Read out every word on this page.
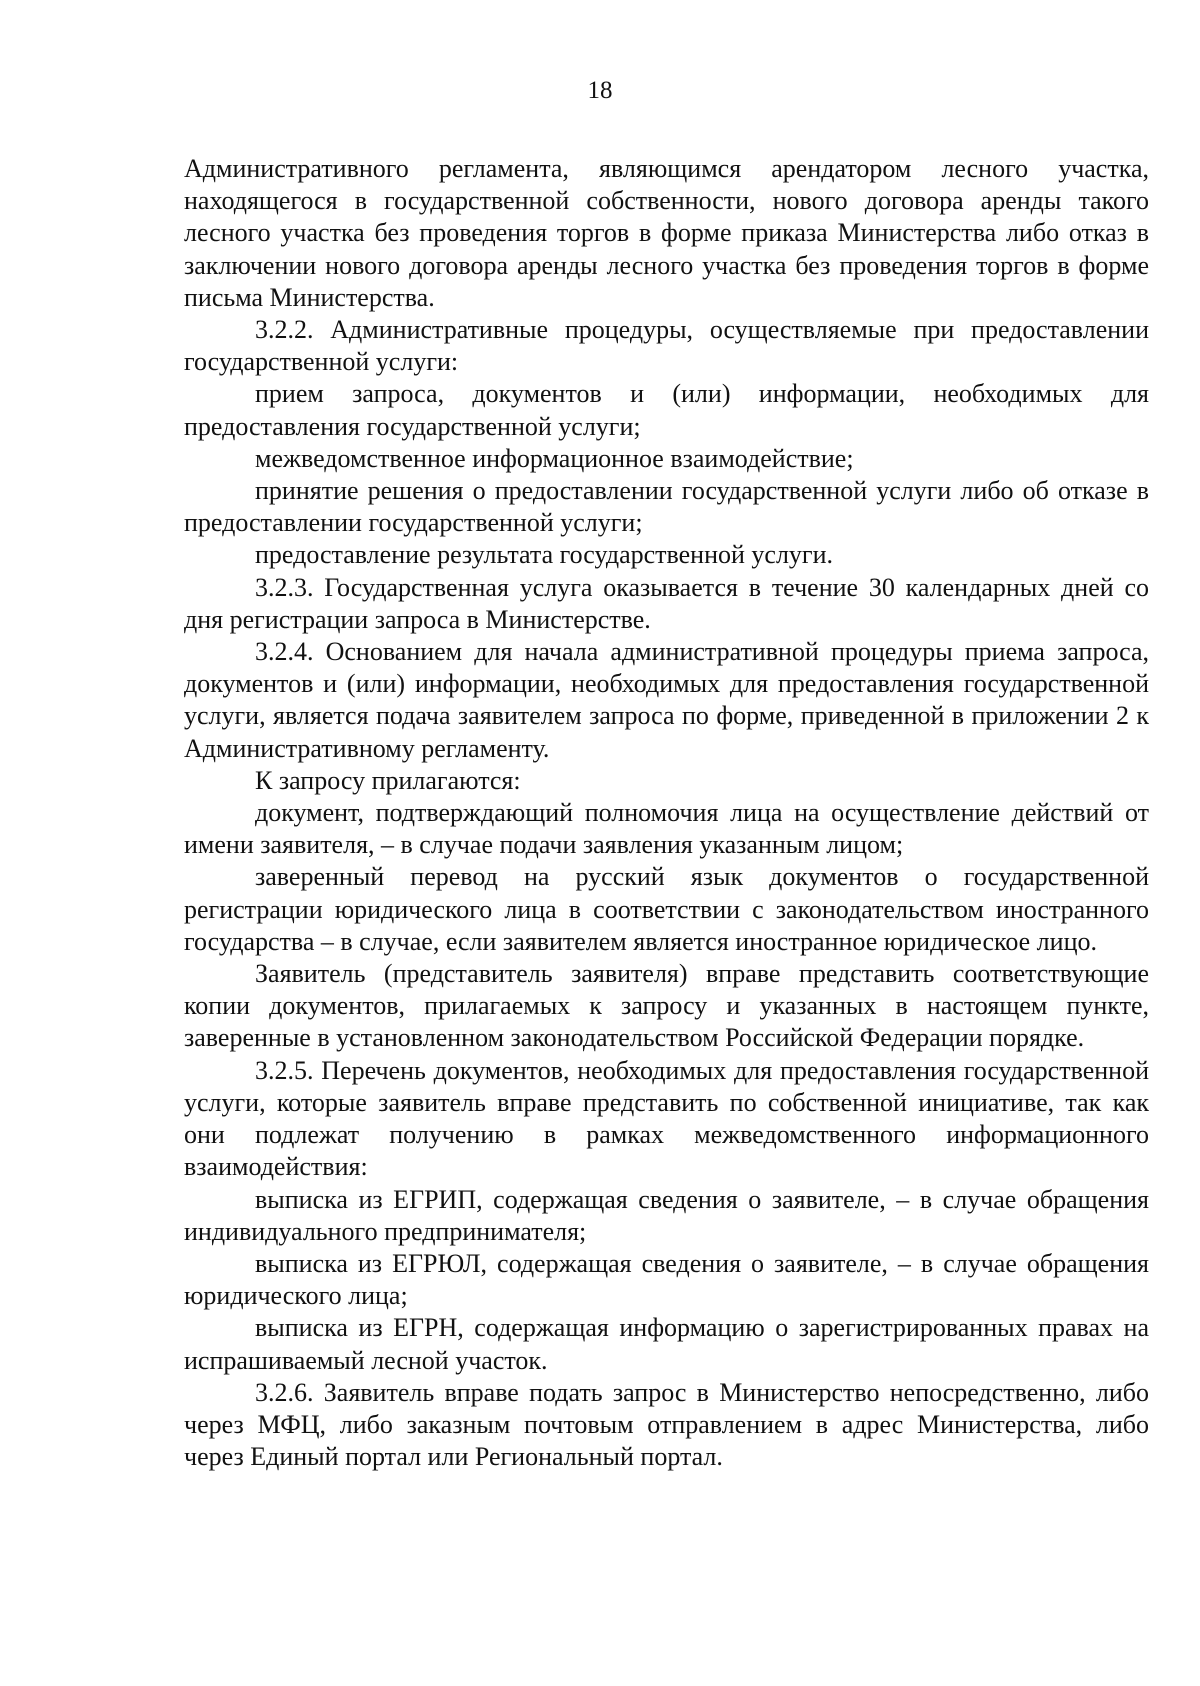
18

Административного регламента, являющимся арендатором лесного участка, находящегося в государственной собственности, нового договора аренды такого лесного участка без проведения торгов в форме приказа Министерства либо отказ в заключении нового договора аренды лесного участка без проведения торгов в форме письма Министерства.

3.2.2. Административные процедуры, осуществляемые при предоставлении государственной услуги:

прием запроса, документов и (или) информации, необходимых для предоставления государственной услуги;

межведомственное информационное взаимодействие;

принятие решения о предоставлении государственной услуги либо об отказе в предоставлении государственной услуги;

предоставление результата государственной услуги.

3.2.3. Государственная услуга оказывается в течение 30 календарных дней со дня регистрации запроса в Министерстве.

3.2.4. Основанием для начала административной процедуры приема запроса, документов и (или) информации, необходимых для предоставления государственной услуги, является подача заявителем запроса по форме, приведенной в приложении 2 к Административному регламенту.

К запросу прилагаются:

документ, подтверждающий полномочия лица на осуществление действий от имени заявителя, – в случае подачи заявления указанным лицом;

заверенный перевод на русский язык документов о государственной регистрации юридического лица в соответствии с законодательством иностранного государства – в случае, если заявителем является иностранное юридическое лицо.

Заявитель (представитель заявителя) вправе представить соответствующие копии документов, прилагаемых к запросу и указанных в настоящем пункте, заверенные в установленном законодательством Российской Федерации порядке.

3.2.5. Перечень документов, необходимых для предоставления государственной услуги, которые заявитель вправе представить по собственной инициативе, так как они подлежат получению в рамках межведомственного информационного взаимодействия:

выписка из ЕГРИП, содержащая сведения о заявителе, – в случае обращения индивидуального предпринимателя;

выписка из ЕГРЮЛ, содержащая сведения о заявителе, – в случае обращения юридического лица;

выписка из ЕГРН, содержащая информацию о зарегистрированных правах на испрашиваемый лесной участок.

3.2.6. Заявитель вправе подать запрос в Министерство непосредственно, либо через МФЦ, либо заказным почтовым отправлением в адрес Министерства, либо через Единый портал или Региональный портал.
